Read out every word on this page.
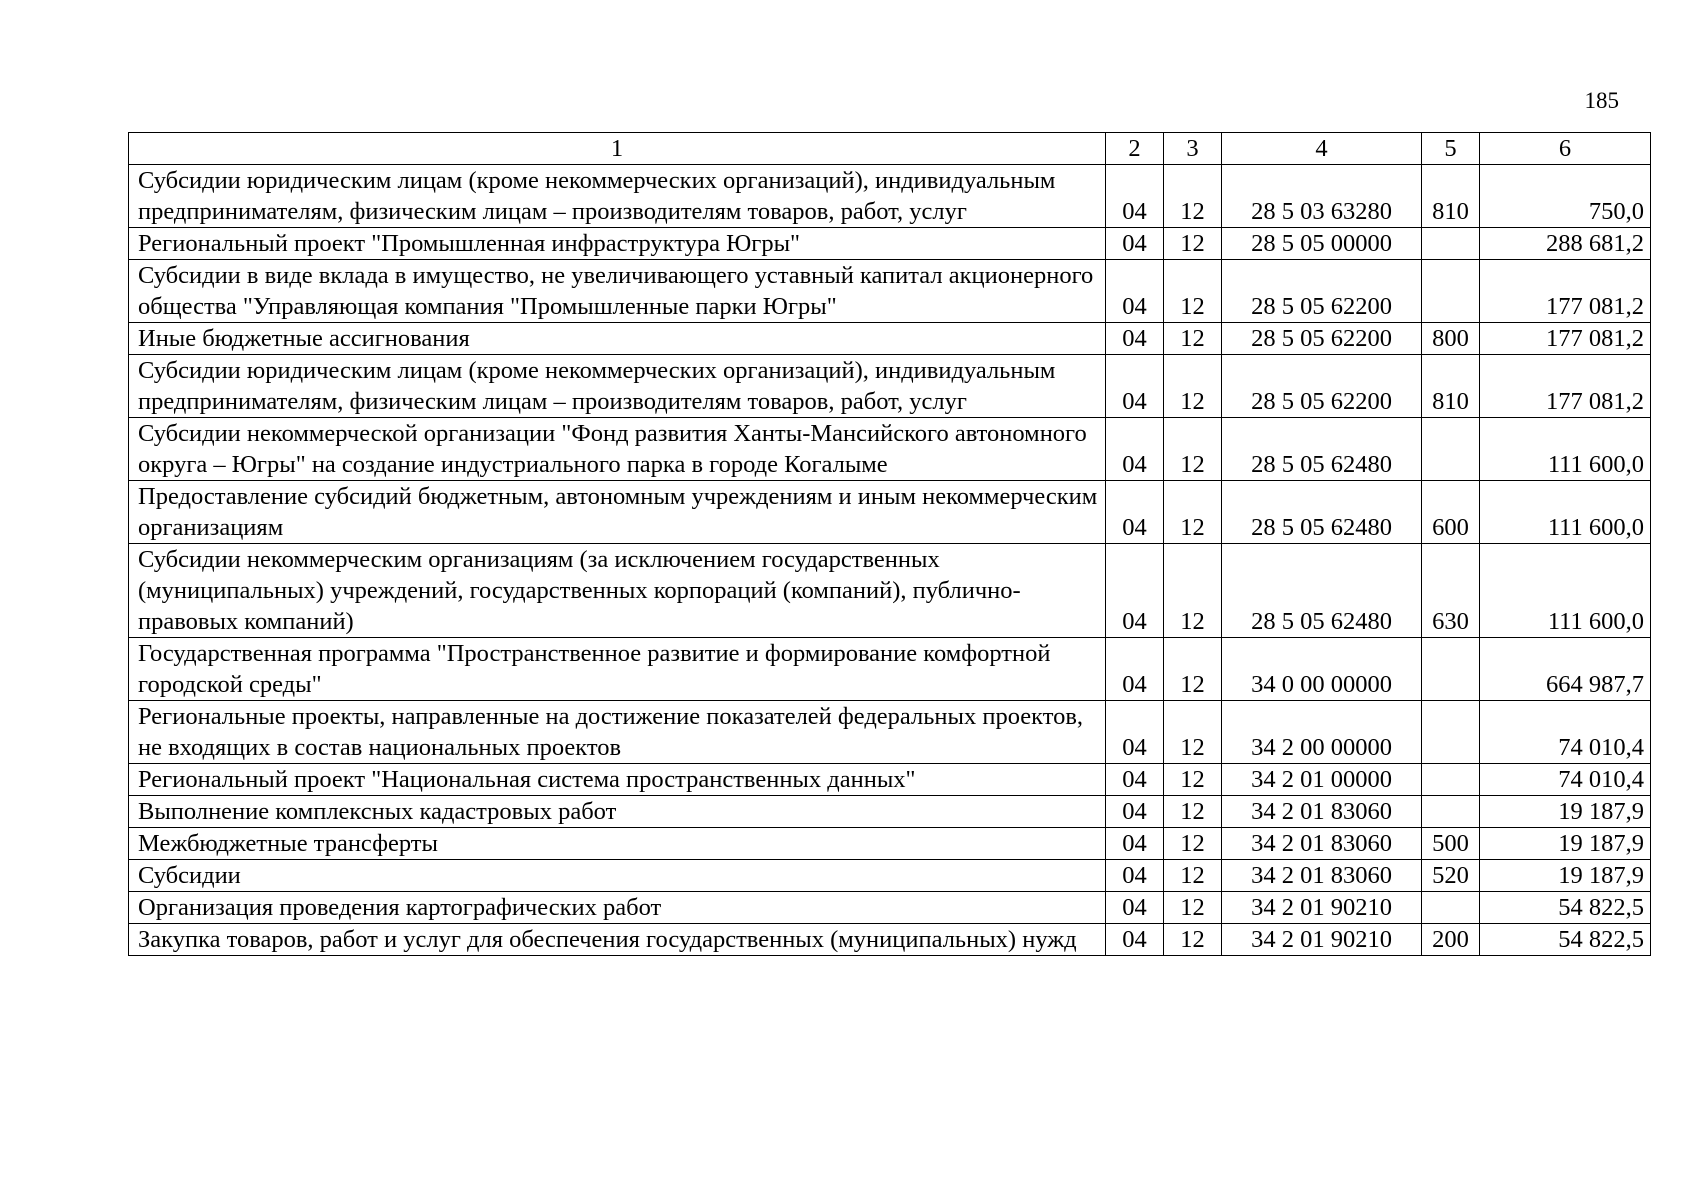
185
1	2	3	4	5	6
Субсидии юридическим лицам (кроме некоммерческих организаций), индивидуальным предпринимателям, физическим лицам – производителям товаров, работ, услуг	04	12	28 5 03 63280	810	750,0
Региональный проект "Промышленная инфраструктура Югры"	04	12	28 5 05 00000		288 681,2
Субсидии в виде вклада в имущество, не увеличивающего уставный капитал акционерного общества "Управляющая компания "Промышленные парки Югры"	04	12	28 5 05 62200		177 081,2
Иные бюджетные ассигнования	04	12	28 5 05 62200	800	177 081,2
Субсидии юридическим лицам (кроме некоммерческих организаций), индивидуальным предпринимателям, физическим лицам – производителям товаров, работ, услуг	04	12	28 5 05 62200	810	177 081,2
Субсидии некоммерческой организации "Фонд развития Ханты-Мансийского автономного округа – Югры" на создание индустриального парка в городе Когалыме	04	12	28 5 05 62480		111 600,0
Предоставление субсидий бюджетным, автономным учреждениям и иным некоммерческим организациям	04	12	28 5 05 62480	600	111 600,0
Субсидии некоммерческим организациям (за исключением государственных (муниципальных) учреждений, государственных корпораций (компаний), публично-правовых компаний)	04	12	28 5 05 62480	630	111 600,0
Государственная программа "Пространственное развитие и формирование комфортной городской среды"	04	12	34 0 00 00000		664 987,7
Региональные проекты, направленные на достижение показателей федеральных проектов, не входящих в состав национальных проектов	04	12	34 2 00 00000		74 010,4
Региональный проект "Национальная система пространственных данных"	04	12	34 2 01 00000		74 010,4
Выполнение комплексных кадастровых работ	04	12	34 2 01 83060		19 187,9
Межбюджетные трансферты	04	12	34 2 01 83060	500	19 187,9
Субсидии	04	12	34 2 01 83060	520	19 187,9
Организация проведения картографических работ	04	12	34 2 01 90210		54 822,5
Закупка товаров, работ и услуг для обеспечения государственных (муниципальных) нужд	04	12	34 2 01 90210	200	54 822,5
